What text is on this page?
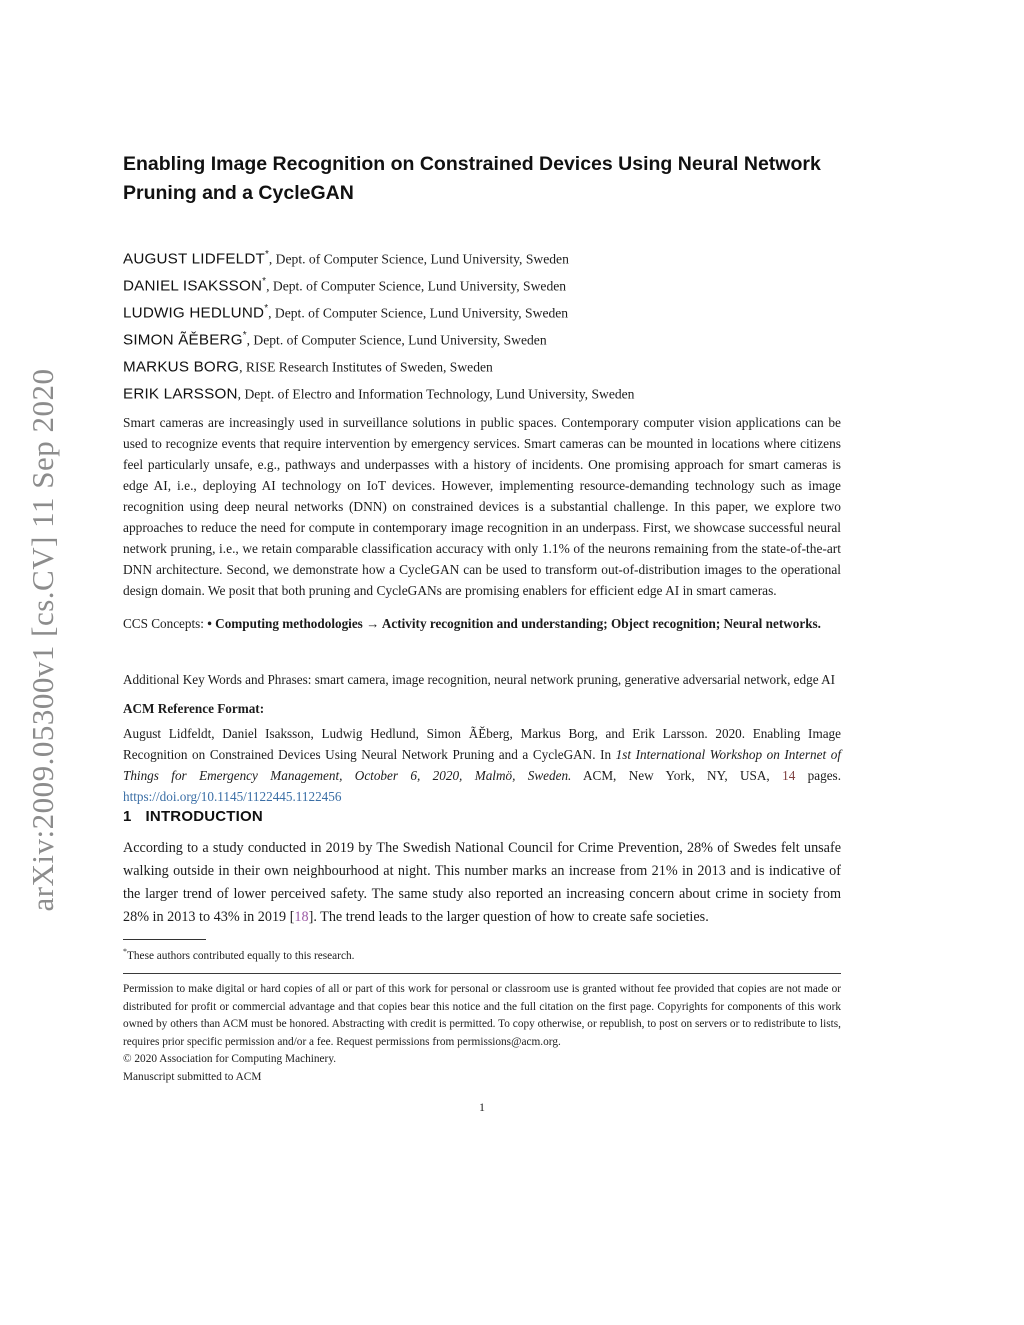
arXiv:2009.05300v1 [cs.CV] 11 Sep 2020
Enabling Image Recognition on Constrained Devices Using Neural Network Pruning and a CycleGAN
AUGUST LIDFELDT*, Dept. of Computer Science, Lund University, Sweden
DANIEL ISAKSSON*, Dept. of Computer Science, Lund University, Sweden
LUDWIG HEDLUND*, Dept. of Computer Science, Lund University, Sweden
SIMON ÃĚBERG*, Dept. of Computer Science, Lund University, Sweden
MARKUS BORG, RISE Research Institutes of Sweden, Sweden
ERIK LARSSON, Dept. of Electro and Information Technology, Lund University, Sweden
Smart cameras are increasingly used in surveillance solutions in public spaces. Contemporary computer vision applications can be used to recognize events that require intervention by emergency services. Smart cameras can be mounted in locations where citizens feel particularly unsafe, e.g., pathways and underpasses with a history of incidents. One promising approach for smart cameras is edge AI, i.e., deploying AI technology on IoT devices. However, implementing resource-demanding technology such as image recognition using deep neural networks (DNN) on constrained devices is a substantial challenge. In this paper, we explore two approaches to reduce the need for compute in contemporary image recognition in an underpass. First, we showcase successful neural network pruning, i.e., we retain comparable classification accuracy with only 1.1% of the neurons remaining from the state-of-the-art DNN architecture. Second, we demonstrate how a CycleGAN can be used to transform out-of-distribution images to the operational design domain. We posit that both pruning and CycleGANs are promising enablers for efficient edge AI in smart cameras.
CCS Concepts: • Computing methodologies → Activity recognition and understanding; Object recognition; Neural networks.
Additional Key Words and Phrases: smart camera, image recognition, neural network pruning, generative adversarial network, edge AI
ACM Reference Format:
August Lidfeldt, Daniel Isaksson, Ludwig Hedlund, Simon ÃĚberg, Markus Borg, and Erik Larsson. 2020. Enabling Image Recognition on Constrained Devices Using Neural Network Pruning and a CycleGAN. In 1st International Workshop on Internet of Things for Emergency Management, October 6, 2020, Malmö, Sweden. ACM, New York, NY, USA, 14 pages. https://doi.org/10.1145/1122445.1122456
1 INTRODUCTION
According to a study conducted in 2019 by The Swedish National Council for Crime Prevention, 28% of Swedes felt unsafe walking outside in their own neighbourhood at night. This number marks an increase from 21% in 2013 and is indicative of the larger trend of lower perceived safety. The same study also reported an increasing concern about crime in society from 28% in 2013 to 43% in 2019 [18]. The trend leads to the larger question of how to create safe societies.
*These authors contributed equally to this research.
Permission to make digital or hard copies of all or part of this work for personal or classroom use is granted without fee provided that copies are not made or distributed for profit or commercial advantage and that copies bear this notice and the full citation on the first page. Copyrights for components of this work owned by others than ACM must be honored. Abstracting with credit is permitted. To copy otherwise, or republish, to post on servers or to redistribute to lists, requires prior specific permission and/or a fee. Request permissions from permissions@acm.org.
© 2020 Association for Computing Machinery.
Manuscript submitted to ACM
1
